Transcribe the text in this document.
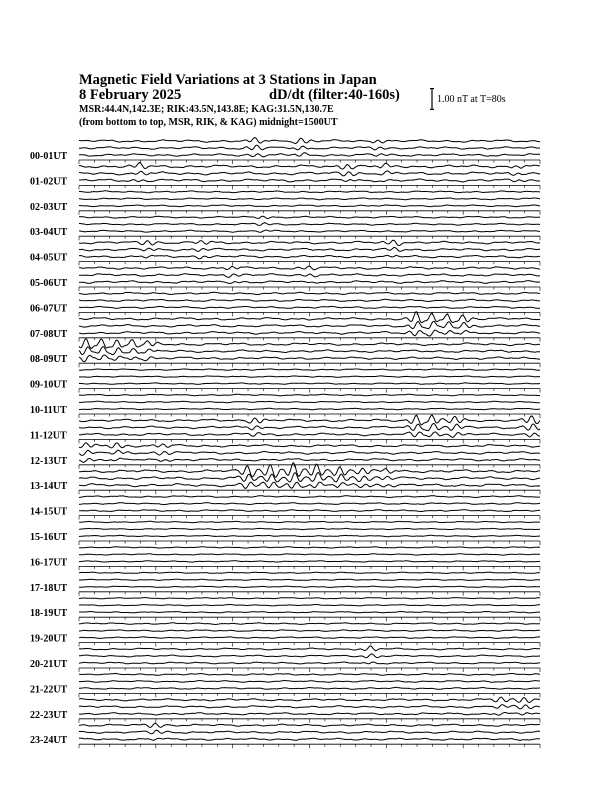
Magnetic Field Variations at 3 Stations in Japan
8 February 2025	dD/dt (filter:40-160s)
MSR:44.4N,142.3E; RIK:43.5N,143.8E; KAG:31.5N,130.7E
(from bottom to top, MSR, RIK, & KAG) midnight=1500UT
1.00 nT at T=80s
00-01UT
01-02UT
02-03UT
03-04UT
04-05UT
05-06UT
06-07UT
07-08UT
08-09UT
09-10UT
10-11UT
11-12UT
12-13UT
13-14UT
14-15UT
15-16UT
16-17UT
17-18UT
18-19UT
19-20UT
20-21UT
21-22UT
22-23UT
23-24UT
